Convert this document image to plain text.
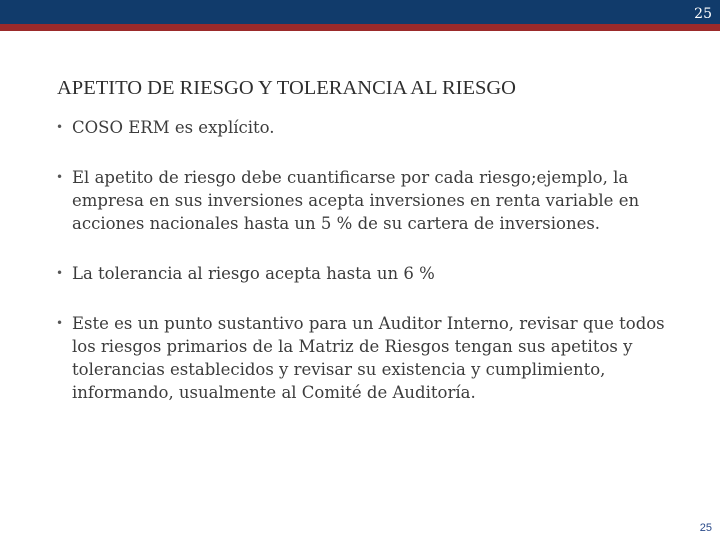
25
APETITO DE RIESGO Y TOLERANCIA AL RIESGO
• COSO ERM es explícito.
• El apetito de riesgo debe cuantificarse por cada riesgo;ejemplo, la empresa en sus inversiones acepta inversiones en renta variable en acciones nacionales hasta un 5 % de su cartera de inversiones.
• La tolerancia al riesgo acepta hasta un 6 %
• Este es un punto sustantivo para un Auditor Interno, revisar que todos los riesgos primarios de la Matriz de Riesgos tengan sus apetitos y tolerancias establecidos y revisar su existencia y cumplimiento, informando, usualmente al Comité de Auditoría.
25
